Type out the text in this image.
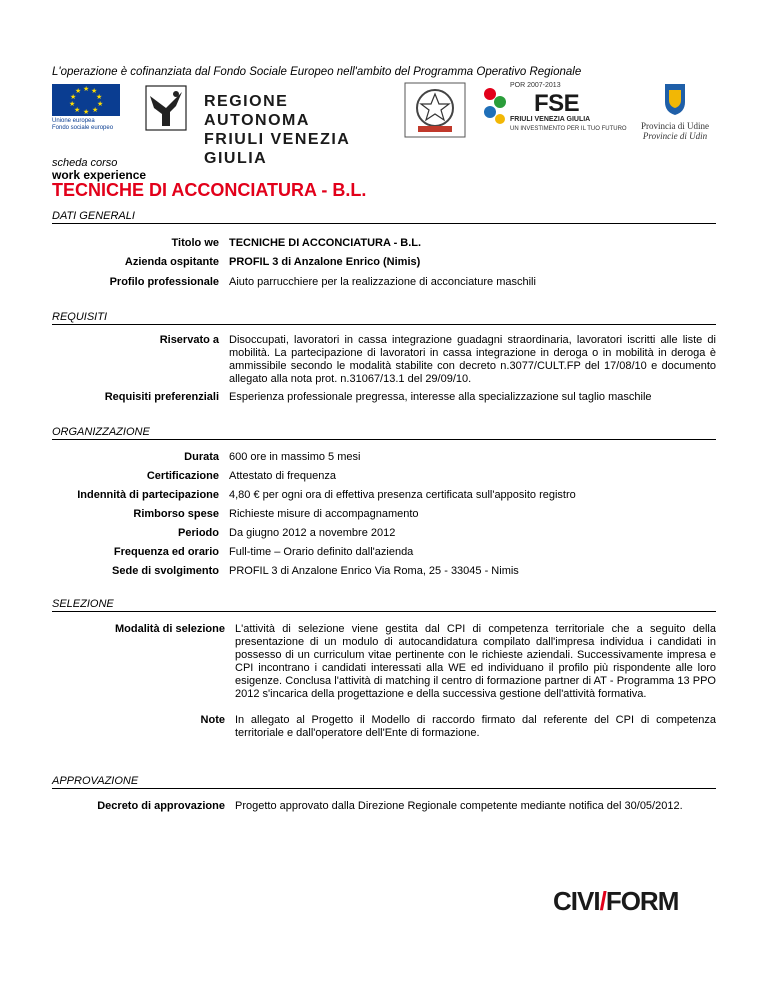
L'operazione è cofinanziata dal Fondo Sociale Europeo nell'ambito del Programma Operativo Regionale
★ ★
★
★
★
★
★
★
★
★
Unione europea
Fondo sociale europeo
REGIONE AUTONOMA
FRIULI VENEZIA GIULIA
POR 2007-2013
FSE
FRIULI VENEZIA GIULIA
UN INVESTIMENTO PER IL TUO FUTURO	Provincia di Udine
Provincie di Udin
scheda corso
work experience
TECNICHE DI ACCONCIATURA - B.L.
DATI GENERALI
Titolo we TECNICHE DI ACCONCIATURA - B.L.
Azienda ospitante PROFIL 3 di Anzalone Enrico (Nimis)
Profilo professionale Aiuto parrucchiere per la realizzazione di acconciature maschili
REQUISITI
Riservato a Disoccupati, lavoratori in cassa integrazione guadagni straordinaria, lavoratori iscritti alle liste di mobilità. La partecipazione di lavoratori in cassa integrazione in deroga o in mobilità in deroga è ammissibile secondo le modalità stabilite con decreto n.3077/CULT.FP del 17/08/10 e documento allegato alla nota prot. n.31067/13.1 del 29/09/10.
Requisiti preferenziali Esperienza professionale pregressa, interesse alla specializzazione sul taglio maschile
ORGANIZZAZIONE
Durata 600 ore in massimo 5 mesi
Certificazione Attestato di frequenza
Indennità di partecipazione 4,80 € per ogni ora di effettiva presenza certificata sull'apposito registro
Rimborso spese Richieste misure di accompagnamento
Periodo Da giugno 2012 a novembre 2012
Frequenza ed orario Full-time – Orario definito dall'azienda
Sede di svolgimento PROFIL 3 di Anzalone Enrico Via Roma, 25 - 33045 - Nimis
SELEZIONE
Modalità di selezione L'attività di selezione viene gestita dal CPI di competenza territoriale che a seguito della presentazione di un modulo di autocandidatura compilato dall'impresa individua i candidati in possesso di un curriculum vitae pertinente con le richieste aziendali. Successivamente impresa e CPI incontrano i candidati interessati alla WE ed individuano il profilo più rispondente alle loro esigenze. Conclusa l'attività di matching il centro di formazione partner di AT - Programma 13 PPO 2012 s'incarica della progettazione e della successiva gestione dell'attività formativa.
Note In allegato al Progetto il Modello di raccordo firmato dal referente del CPI di competenza territoriale e dall'operatore dell'Ente di formazione.
APPROVAZIONE
Decreto di approvazione Progetto approvato dalla Direzione Regionale competente mediante notifica del 30/05/2012.
CIVI/FORM
